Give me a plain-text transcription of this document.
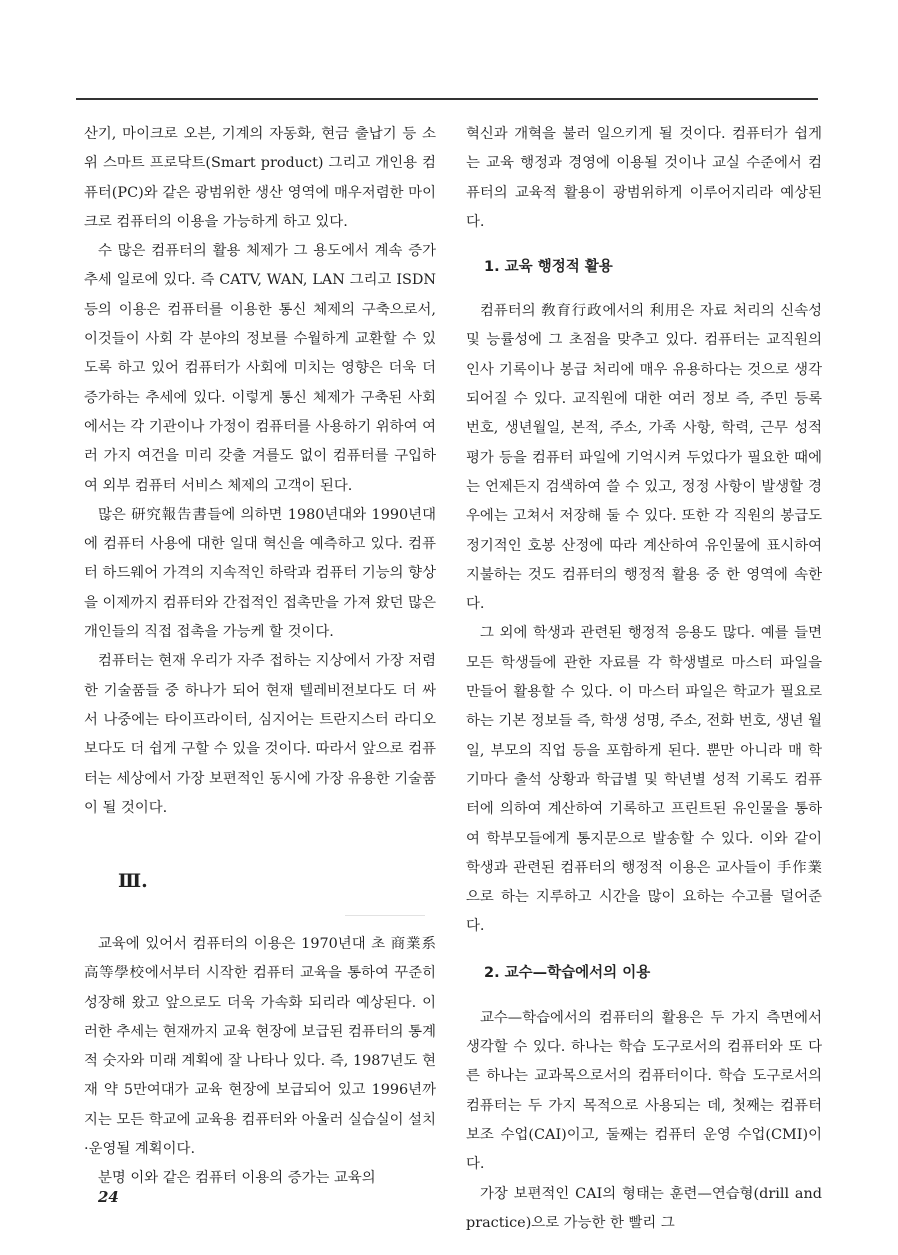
산기, 마이크로 오븐, 기계의 자동화, 현금 출납기 등 소위 스마트 프로닥트(Smart product) 그리고 개인용 컴퓨터(PC)와 같은 광범위한 생산 영역에 매우저렴한 마이크로 컴퓨터의 이용을 가능하게 하고 있다.

수 많은 컴퓨터의 활용 체제가 그 용도에서 계속 증가 추세 일로에 있다. 즉 CATV, WAN, LAN 그리고 ISDN 등의 이용은 컴퓨터를 이용한 통신 체제의 구축으로서, 이것들이 사회 각 분야의 정보를 수월하게 교환할 수 있도록 하고 있어 컴퓨터가 사회에 미치는 영향은 더욱 더 증가하는 추세에 있다. 이렇게 통신 체제가 구축된 사회에서는 각 기관이나 가정이 컴퓨터를 사용하기 위하여 여러 가지 여건을 미리 갖출 겨를도 없이 컴퓨터를 구입하여 외부 컴퓨터 서비스 체제의 고객이 된다.

많은 研究報告書들에 의하면 1980년대와 1990년대에 컴퓨터 사용에 대한 일대 혁신을 예측하고 있다. 컴퓨터 하드웨어 가격의 지속적인 하락과 컴퓨터 기능의 향상을 이제까지 컴퓨터와 간접적인 접촉만을 가져 왔던 많은 개인들의 직접 접촉을 가능케 할 것이다.

컴퓨터는 현재 우리가 자주 접하는 지상에서 가장 저렴한 기술품들 중 하나가 되어 현재 텔레비전보다도 더 싸서 나중에는 타이프라이터, 심지어는 트란지스터 라디오보다도 더 쉽게 구할 수 있을 것이다. 따라서 앞으로 컴퓨터는 세상에서 가장 보편적인 동시에 가장 유용한 기술품이 될 것이다.

Ⅲ.

교육에 있어서 컴퓨터의 이용은 1970년대 초 商業系 高等學校에서부터 시작한 컴퓨터 교육을 통하여 꾸준히 성장해 왔고 앞으로도 더욱 가속화 되리라 예상된다. 이러한 추세는 현재까지 교육 현장에 보급된 컴퓨터의 통계적 숫자와 미래 계획에 잘 나타나 있다. 즉, 1987년도 현재 약 5만여대가 교육 현장에 보급되어 있고 1996년까지는 모든 학교에 교육용 컴퓨터와 아울러 실습실이 설치·운영될 계획이다.

분명 이와 같은 컴퓨터 이용의 증가는 교육의

혁신과 개혁을 불러 일으키게 될 것이다. 컴퓨터가 쉽게는 교육 행정과 경영에 이용될 것이나 교실 수준에서 컴퓨터의 교육적 활용이 광범위하게 이루어지리라 예상된다.

1. 교육 행정적 활용

컴퓨터의 敎育行政에서의 利用은 자료 처리의 신속성 및 능률성에 그 초점을 맞추고 있다. 컴퓨터는 교직원의 인사 기록이나 봉급 처리에 매우 유용하다는 것으로 생각되어질 수 있다. 교직원에 대한 여러 정보 즉, 주민 등록 번호, 생년월일, 본적, 주소, 가족 사항, 학력, 근무 성적 평가 등을 컴퓨터 파일에 기억시켜 두었다가 필요한 때에는 언제든지 검색하여 쓸 수 있고, 정정 사항이 발생할 경우에는 고쳐서 저장해 둘 수 있다. 또한 각 직원의 봉급도 정기적인 호봉 산정에 따라 계산하여 유인물에 표시하여 지불하는 것도 컴퓨터의 행정적 활용 중 한 영역에 속한다.

그 외에 학생과 관련된 행정적 응용도 많다. 예를 들면 모든 학생들에 관한 자료를 각 학생별로 마스터 파일을 만들어 활용할 수 있다. 이 마스터 파일은 학교가 필요로 하는 기본 정보들 즉, 학생 성명, 주소, 전화 번호, 생년 월일, 부모의 직업 등을 포함하게 된다. 뿐만 아니라 매 학기마다 출석 상황과 학급별 및 학년별 성적 기록도 컴퓨터에 의하여 계산하여 기록하고 프린트된 유인물을 통하여 학부모들에게 통지문으로 발송할 수 있다. 이와 같이 학생과 관련된 컴퓨터의 행정적 이용은 교사들이 手作業으로 하는 지루하고 시간을 많이 요하는 수고를 덜어준다.

2. 교수—학습에서의 이용

교수—학습에서의 컴퓨터의 활용은 두 가지 측면에서 생각할 수 있다. 하나는 학습 도구로서의 컴퓨터와 또 다른 하나는 교과목으로서의 컴퓨터이다. 학습 도구로서의 컴퓨터는 두 가지 목적으로 사용되는 데, 첫째는 컴퓨터 보조 수업(CAI)이고, 둘째는 컴퓨터 운영 수업(CMI)이다.

가장 보편적인 CAI의 형태는 훈련—연습형(drill and practice)으로 가능한 한 빨리 그

24
